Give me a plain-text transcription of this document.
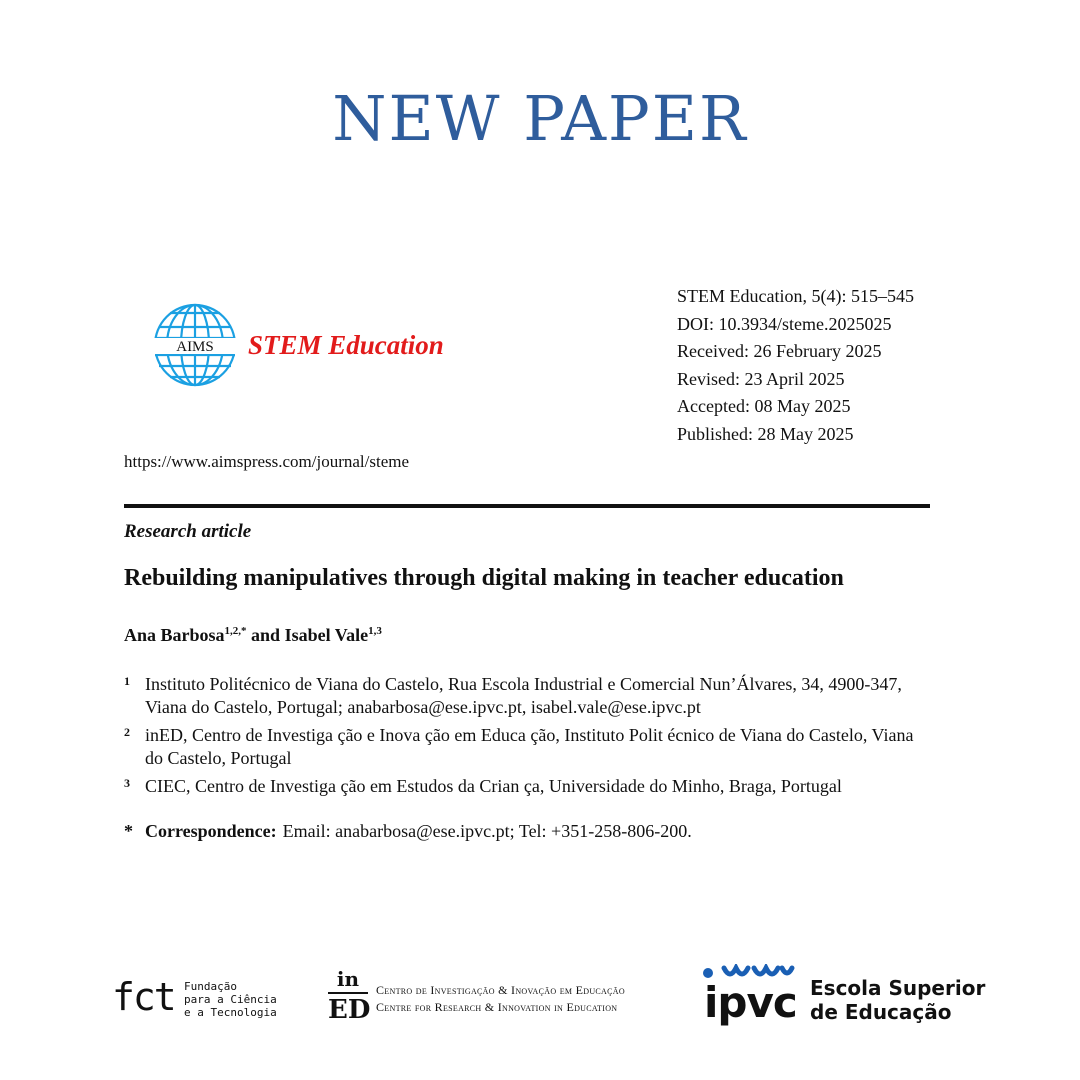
NEW PAPER
AIMS STEM Education
STEM Education, 5(4): 515–545
DOI: 10.3934/steme.2025025
Received: 26 February 2025
Revised: 23 April 2025
Accepted: 08 May 2025
Published: 28 May 2025
https://www.aimspress.com/journal/steme
Research article
Rebuilding manipulatives through digital making in teacher education
Ana Barbosa$^{1,2,*}$ and Isabel Vale$^{1,3}$
1 Instituto Politécnico de Viana do Castelo, Rua Escola Industrial e Comercial Nun’Álvares, 34, 4900-347, Viana do Castelo, Portugal; anabarbosa@ese.ipvc.pt, isabel.vale@ese.ipvc.pt
2 inED, Centro de Investiga ção e Inova ção em Educa ção, Instituto Polit écnico de Viana do Castelo, Viana do Castelo, Portugal
3 CIEC, Centro de Investiga ção em Estudos da Crian ça, Universidade do Minho, Braga, Portugal
* Correspondence: Email: anabarbosa@ese.ipvc.pt; Tel: +351-258-806-200.
fct Fundação
para a Ciência
e a Tecnologia
in
ED
Centro de Investigação & Inovação em Educação
Centre for Research & Innovation in Education ipvc Escola Superior
de Educação
